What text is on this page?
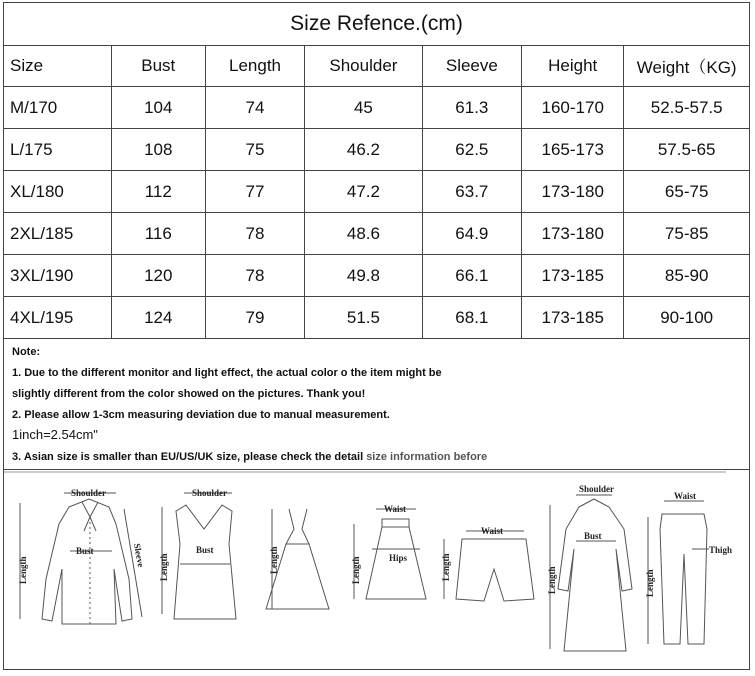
Size Refence.(cm)
Size	Bust	Length	Shoulder	Sleeve	Height	Weight（KG)
M/170	104	74	45	61.3	160-170	52.5-57.5
L/175	108	75	46.2	62.5	165-173	57.5-65
XL/180	112	77	47.2	63.7	173-180	65-75
2XL/185	116	78	48.6	64.9	173-180	75-85
3XL/190	120	78	49.8	66.1	173-185	85-90
4XL/195	124	79	51.5	68.1	173-185	90-100
Note:
1. Due to the different monitor and light effect, the actual color o the item might be
slightly different from the color showed on the pictures. Thank you!
2. Please allow 1-3cm measuring deviation due to manual measurement.
1inch=2.54cm"
3. Asian size is smaller than EU/US/UK size, please check the detail size information before
Shoulder
Bust	Sleeve
Length
Shoulder
Bust
Length	Length
Waist
Hips
Length
Waist
Length
Shoulder
Bust
Length
Waist
Thigh
Length
